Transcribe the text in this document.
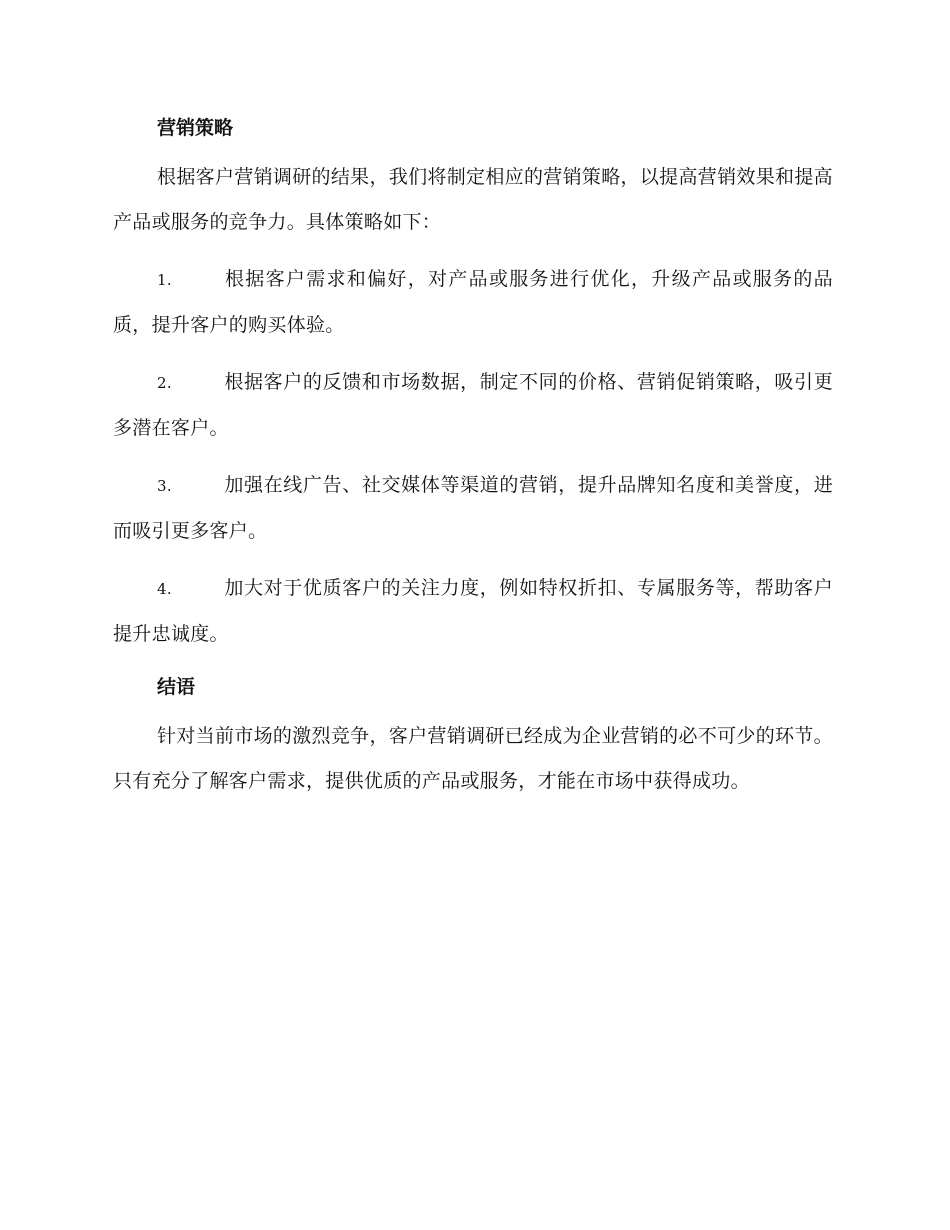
营销策略

根据客户营销调研的结果，我们将制定相应的营销策略，以提高营销效果和提高产品或服务的竞争力。具体策略如下：

1.	根据客户需求和偏好，对产品或服务进行优化，升级产品或服务的品质，提升客户的购买体验。

2.	根据客户的反馈和市场数据，制定不同的价格、营销促销策略，吸引更多潜在客户。

3.	加强在线广告、社交媒体等渠道的营销，提升品牌知名度和美誉度，进而吸引更多客户。

4.	加大对于优质客户的关注力度，例如特权折扣、专属服务等，帮助客户提升忠诚度。

结语

针对当前市场的激烈竞争，客户营销调研已经成为企业营销的必不可少的环节。只有充分了解客户需求，提供优质的产品或服务，才能在市场中获得成功。
